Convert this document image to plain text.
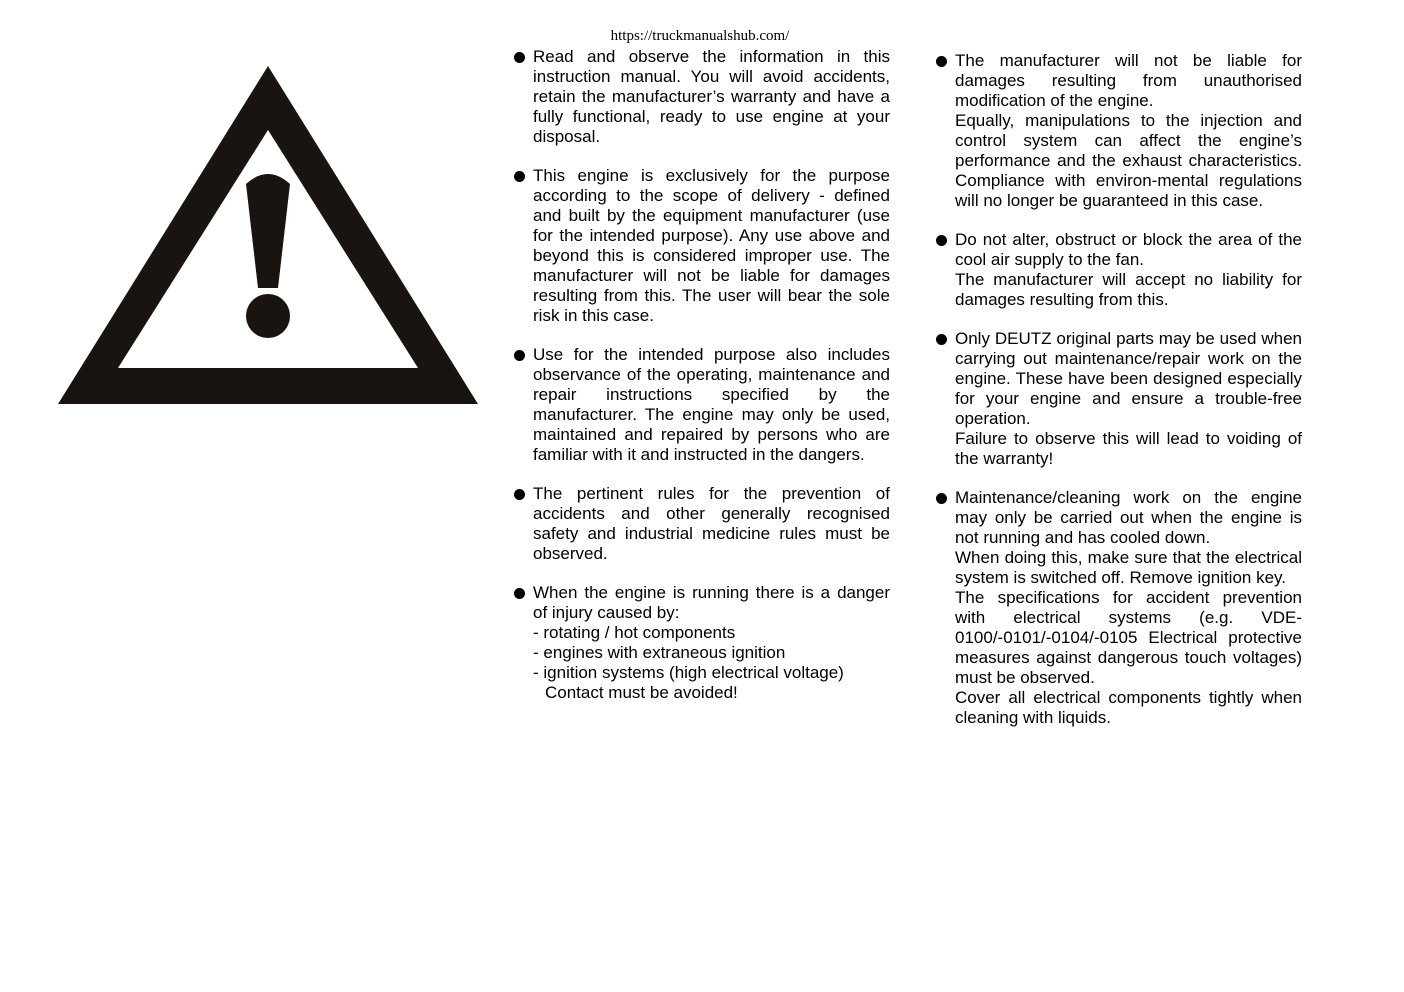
https://truckmanualshub.com/
Read and observe the information in this instruction manual. You will avoid accidents, retain the manufacturer’s warranty and have a fully functional, ready to use engine at your disposal.
This engine is exclusively for the purpose according to the scope of delivery - defined and built by the equipment manufacturer (use for the intended purpose). Any use above and beyond this is considered improper use. The manufacturer will not be liable for damages resulting from this. The user will bear the sole risk in this case.
Use for the intended purpose also includes observance of the operating, maintenance and repair instructions specified by the manufacturer. The engine may only be used, maintained and repaired by persons who are familiar with it and instructed in the dangers.
The pertinent rules for the prevention of accidents and other generally recognised safety and industrial medicine rules must be observed.
When the engine is running there is a danger of injury caused by:
- rotating / hot components
- engines with extraneous ignition
- ignition systems (high electrical voltage)
Contact must be avoided!
The manufacturer will not be liable for damages resulting from unauthorised modification of the engine.
Equally, manipulations to the injection and control system can affect the engine’s performance and the exhaust characteristics. Compliance with environ-mental regulations will no longer be guaranteed in this case.
Do not alter, obstruct or block the area of the cool air supply to the fan.
The manufacturer will accept no liability for damages resulting from this.
Only DEUTZ original parts may be used when carrying out maintenance/repair work on the engine. These have been designed especially for your engine and ensure a trouble-free operation.
Failure to observe this will lead to voiding of the warranty!
Maintenance/cleaning work on the engine may only be carried out when the engine is not running and has cooled down.
When doing this, make sure that the electrical system is switched off. Remove ignition key.
The specifications for accident prevention with electrical systems (e.g. VDE-0100/-0101/-0104/-0105 Electrical protective measures against dangerous touch voltages) must be observed.
Cover all electrical components tightly when cleaning with liquids.
